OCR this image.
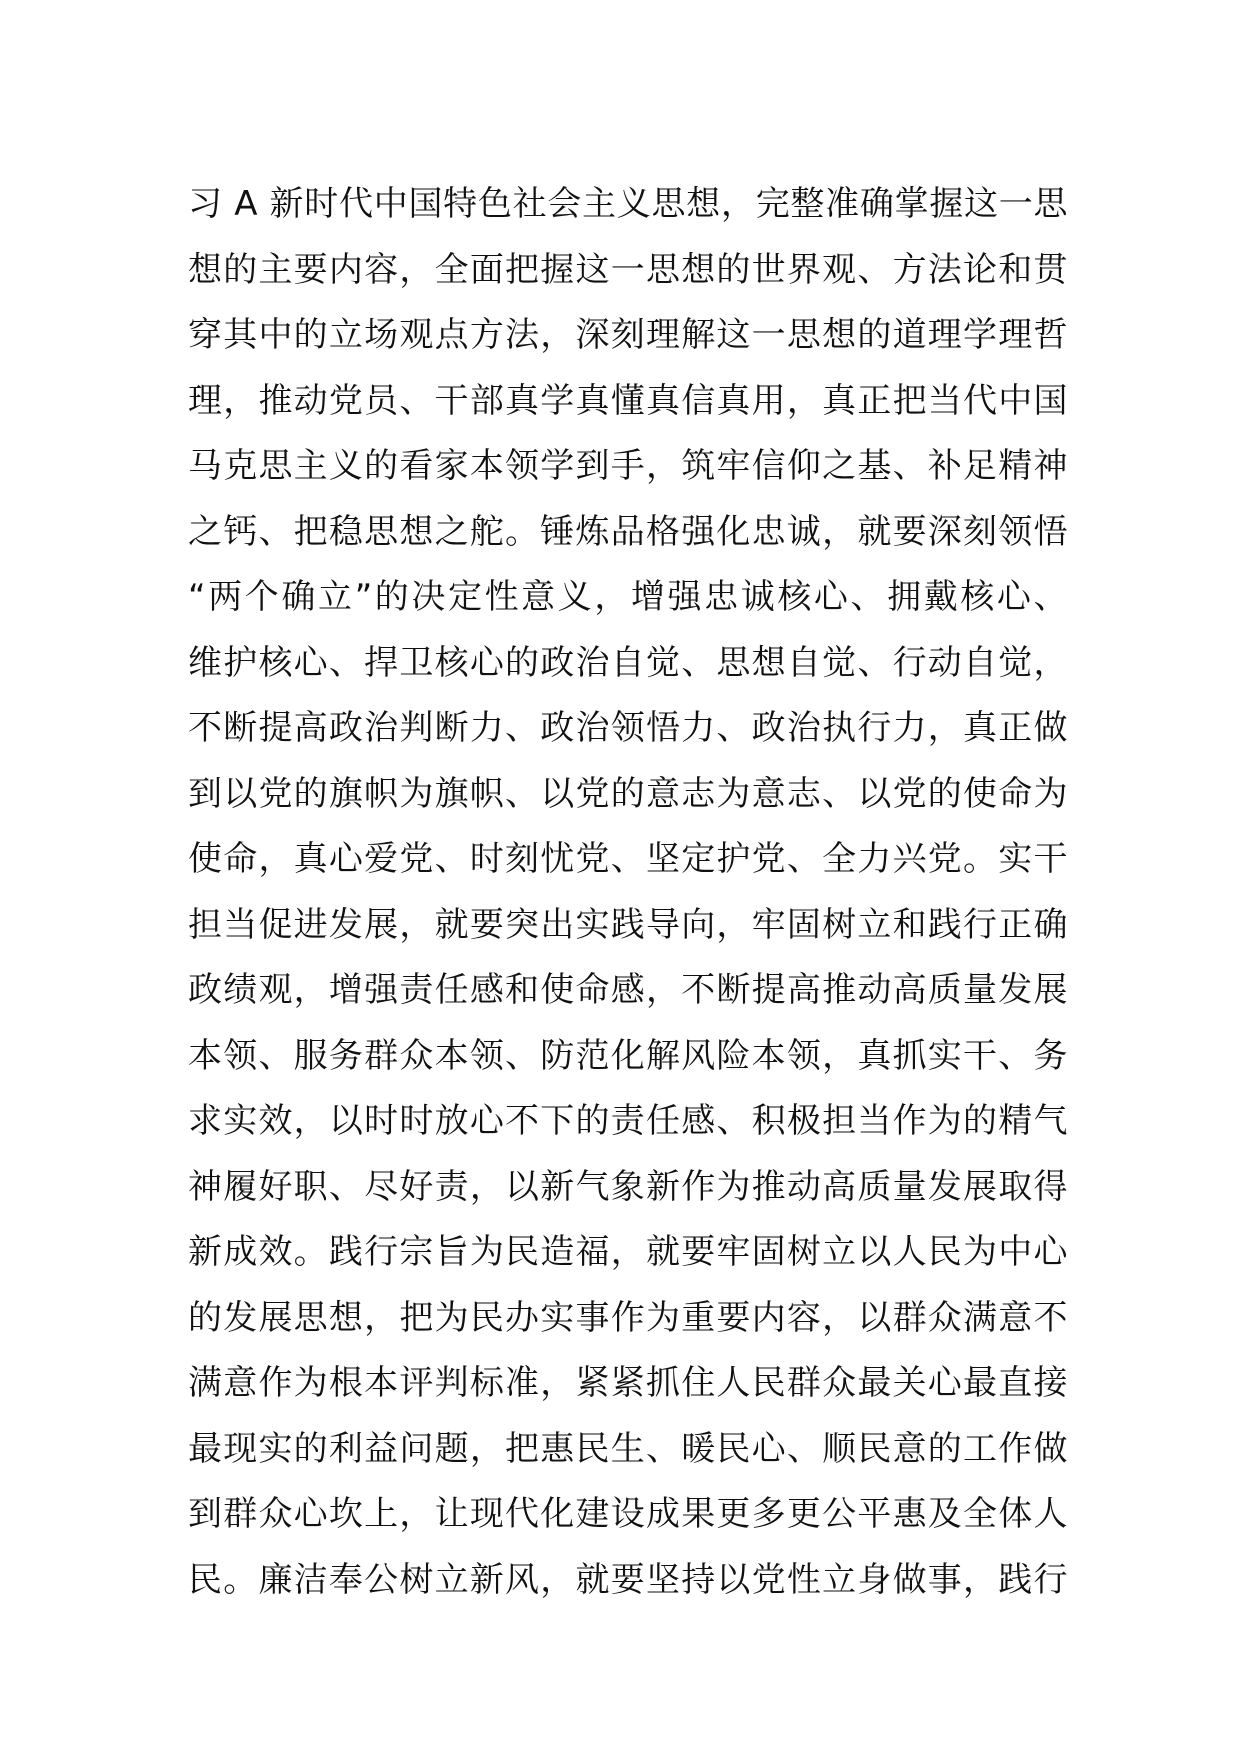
习 A 新时代中国特色社会主义思想，完整准确掌握这一思
想的主要内容，全面把握这一思想的世界观、方法论和贯
穿其中的立场观点方法，深刻理解这一思想的道理学理哲
理，推动党员、干部真学真懂真信真用，真正把当代中国
马克思主义的看家本领学到手，筑牢信仰之基、补足精神
之钙、把稳思想之舵。锤炼品格强化忠诚，就要深刻领悟
“两个确立”的决定性意义，增强忠诚核心、拥戴核心、
维护核心、捍卫核心的政治自觉、思想自觉、行动自觉，
不断提高政治判断力、政治领悟力、政治执行力，真正做
到以党的旗帜为旗帜、以党的意志为意志、以党的使命为
使命，真心爱党、时刻忧党、坚定护党、全力兴党。实干
担当促进发展，就要突出实践导向，牢固树立和践行正确
政绩观，增强责任感和使命感，不断提高推动高质量发展
本领、服务群众本领、防范化解风险本领，真抓实干、务
求实效，以时时放心不下的责任感、积极担当作为的精气
神履好职、尽好责，以新气象新作为推动高质量发展取得
新成效。践行宗旨为民造福，就要牢固树立以人民为中心
的发展思想，把为民办实事作为重要内容，以群众满意不
满意作为根本评判标准，紧紧抓住人民群众最关心最直接
最现实的利益问题，把惠民生、暖民心、顺民意的工作做
到群众心坎上，让现代化建设成果更多更公平惠及全体人
民。廉洁奉公树立新风，就要坚持以党性立身做事，践行
